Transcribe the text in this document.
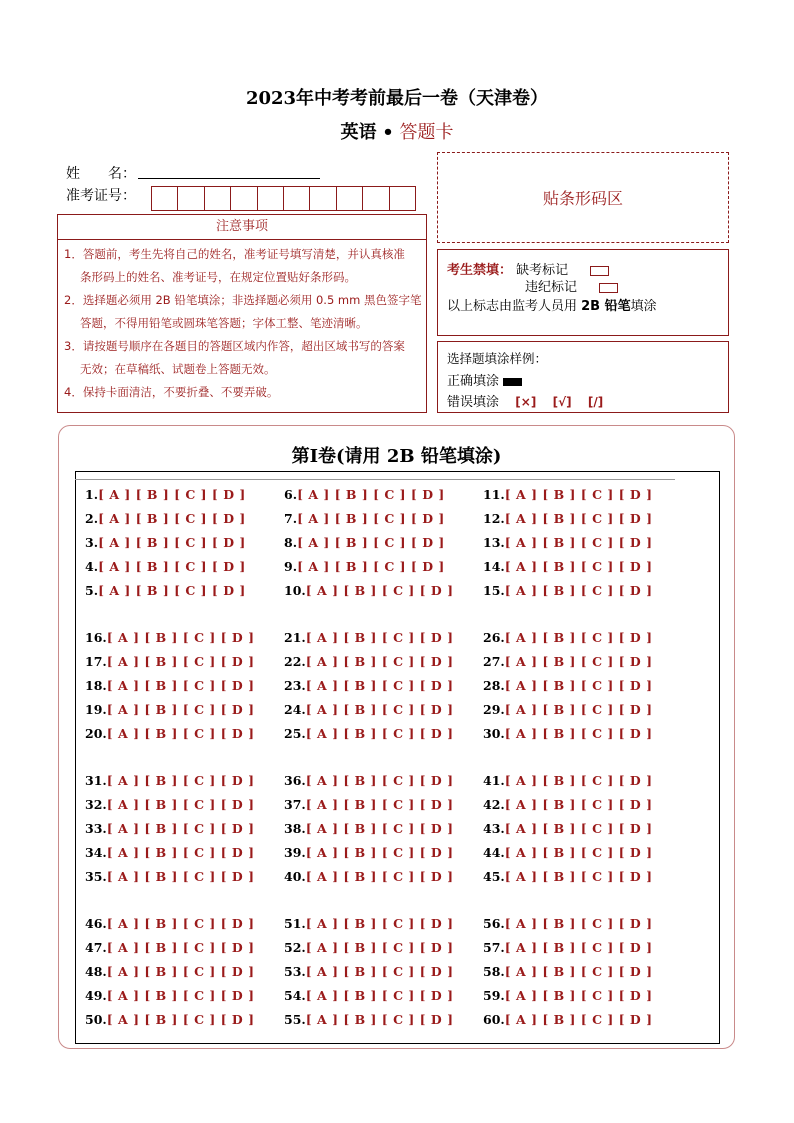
2023年中考考前最后一卷（天津卷）
英语 • 答题卡
姓　　名：
准考证号：
注意事项
1．答题前，考生先将自己的姓名，准考证号填写清楚，并认真核准
条形码上的姓名、准考证号，在规定位置贴好条形码。
2．选择题必须用 2B 铅笔填涂；非选择题必须用 0.5 mm 黑色签字笔
答题，不得用铅笔或圆珠笔答题；字体工整、笔迹清晰。
3．请按题号顺序在各题目的答题区域内作答，超出区域书写的答案
无效；在草稿纸、试题卷上答题无效。
4．保持卡面清洁，不要折叠、不要弄破。
贴条形码区
考生禁填： 缺考标记
违纪标记
以上标志由监考人员用 2B 铅笔填涂
选择题填涂样例：
正确填涂
错误填涂 [×] [√] [/]
第Ⅰ卷(请用 2B 铅笔填涂)
1.[ A ] [ B ] [ C ] [ D ]
2.[ A ] [ B ] [ C ] [ D ]
3.[ A ] [ B ] [ C ] [ D ]
4.[ A ] [ B ] [ C ] [ D ]
5.[ A ] [ B ] [ C ] [ D ]
6.[ A ] [ B ] [ C ] [ D ]
7.[ A ] [ B ] [ C ] [ D ]
8.[ A ] [ B ] [ C ] [ D ]
9.[ A ] [ B ] [ C ] [ D ]
10.[ A ] [ B ] [ C ] [ D ]
11.[ A ] [ B ] [ C ] [ D ]
12.[ A ] [ B ] [ C ] [ D ]
13.[ A ] [ B ] [ C ] [ D ]
14.[ A ] [ B ] [ C ] [ D ]
15.[ A ] [ B ] [ C ] [ D ]
16.[ A ] [ B ] [ C ] [ D ]
17.[ A ] [ B ] [ C ] [ D ]
18.[ A ] [ B ] [ C ] [ D ]
19.[ A ] [ B ] [ C ] [ D ]
20.[ A ] [ B ] [ C ] [ D ]
21.[ A ] [ B ] [ C ] [ D ]
22.[ A ] [ B ] [ C ] [ D ]
23.[ A ] [ B ] [ C ] [ D ]
24.[ A ] [ B ] [ C ] [ D ]
25.[ A ] [ B ] [ C ] [ D ]
26.[ A ] [ B ] [ C ] [ D ]
27.[ A ] [ B ] [ C ] [ D ]
28.[ A ] [ B ] [ C ] [ D ]
29.[ A ] [ B ] [ C ] [ D ]
30.[ A ] [ B ] [ C ] [ D ]
31.[ A ] [ B ] [ C ] [ D ]
32.[ A ] [ B ] [ C ] [ D ]
33.[ A ] [ B ] [ C ] [ D ]
34.[ A ] [ B ] [ C ] [ D ]
35.[ A ] [ B ] [ C ] [ D ]
36.[ A ] [ B ] [ C ] [ D ]
37.[ A ] [ B ] [ C ] [ D ]
38.[ A ] [ B ] [ C ] [ D ]
39.[ A ] [ B ] [ C ] [ D ]
40.[ A ] [ B ] [ C ] [ D ]
41.[ A ] [ B ] [ C ] [ D ]
42.[ A ] [ B ] [ C ] [ D ]
43.[ A ] [ B ] [ C ] [ D ]
44.[ A ] [ B ] [ C ] [ D ]
45.[ A ] [ B ] [ C ] [ D ]
46.[ A ] [ B ] [ C ] [ D ]
47.[ A ] [ B ] [ C ] [ D ]
48.[ A ] [ B ] [ C ] [ D ]
49.[ A ] [ B ] [ C ] [ D ]
50.[ A ] [ B ] [ C ] [ D ]
51.[ A ] [ B ] [ C ] [ D ]
52.[ A ] [ B ] [ C ] [ D ]
53.[ A ] [ B ] [ C ] [ D ]
54.[ A ] [ B ] [ C ] [ D ]
55.[ A ] [ B ] [ C ] [ D ]
56.[ A ] [ B ] [ C ] [ D ]
57.[ A ] [ B ] [ C ] [ D ]
58.[ A ] [ B ] [ C ] [ D ]
59.[ A ] [ B ] [ C ] [ D ]
60.[ A ] [ B ] [ C ] [ D ]
